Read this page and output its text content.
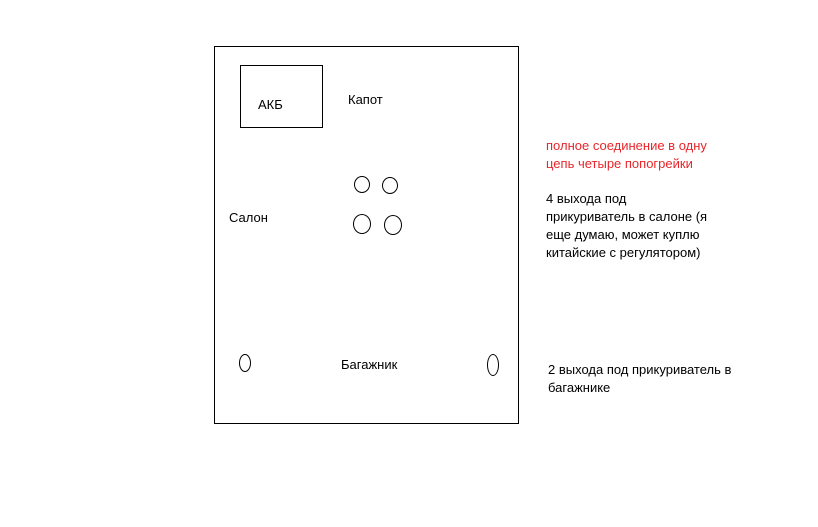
АКБ	Капот
Салон
Багажник
полное соединение в одну
цепь четыре попогрейки
4 выхода под
прикуриватель в салоне (я
еще думаю, может куплю
китайские с регулятором)
2 выхода под прикуриватель в
багажнике
